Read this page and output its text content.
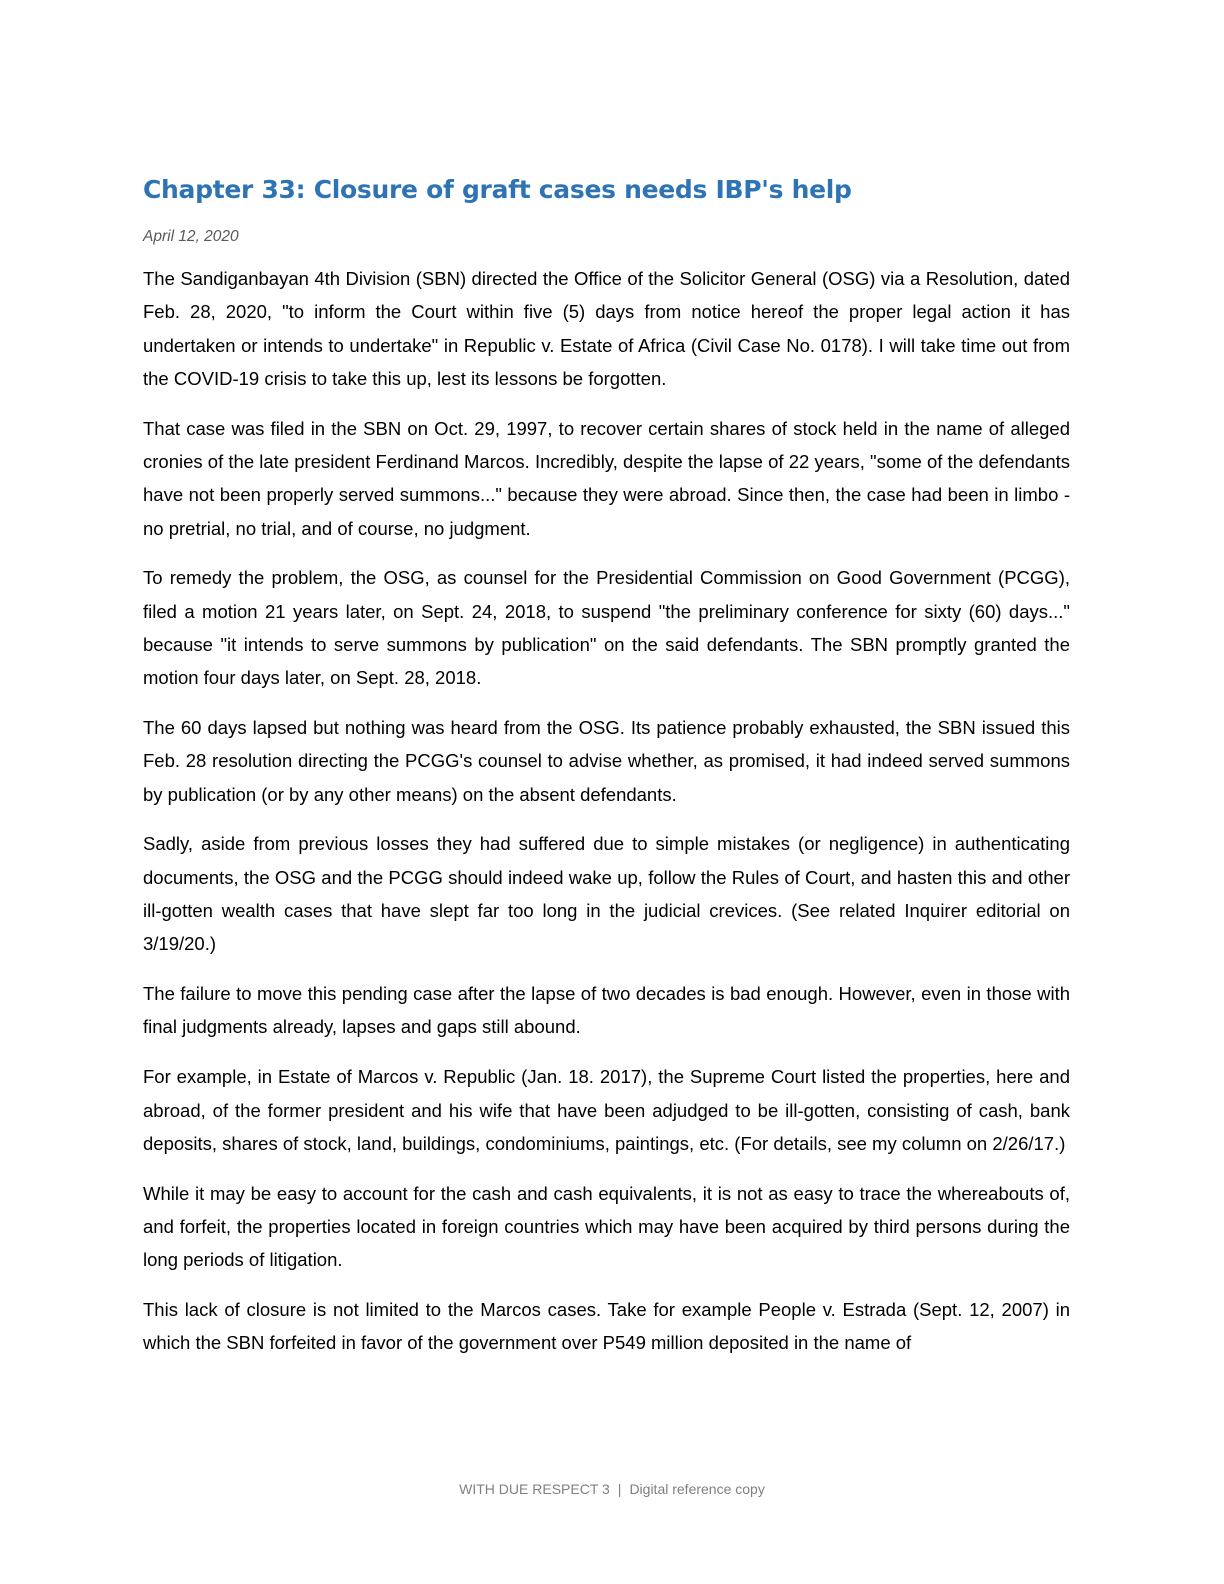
Chapter 33: Closure of graft cases needs IBP's help
April 12, 2020

The Sandiganbayan 4th Division (SBN) directed the Office of the Solicitor General (OSG) via a Resolution, dated Feb. 28, 2020, "to inform the Court within five (5) days from notice hereof the proper legal action it has undertaken or intends to undertake" in Republic v. Estate of Africa (Civil Case No. 0178). I will take time out from the COVID-19 crisis to take this up, lest its lessons be forgotten.

That case was filed in the SBN on Oct. 29, 1997, to recover certain shares of stock held in the name of alleged cronies of the late president Ferdinand Marcos. Incredibly, despite the lapse of 22 years, "some of the defendants have not been properly served summons..." because they were abroad. Since then, the case had been in limbo - no pretrial, no trial, and of course, no judgment.

To remedy the problem, the OSG, as counsel for the Presidential Commission on Good Government (PCGG), filed a motion 21 years later, on Sept. 24, 2018, to suspend "the preliminary conference for sixty (60) days..." because "it intends to serve summons by publication" on the said defendants. The SBN promptly granted the motion four days later, on Sept. 28, 2018.

The 60 days lapsed but nothing was heard from the OSG. Its patience probably exhausted, the SBN issued this Feb. 28 resolution directing the PCGG's counsel to advise whether, as promised, it had indeed served summons by publication (or by any other means) on the absent defendants.

Sadly, aside from previous losses they had suffered due to simple mistakes (or negligence) in authenticating documents, the OSG and the PCGG should indeed wake up, follow the Rules of Court, and hasten this and other ill-gotten wealth cases that have slept far too long in the judicial crevices. (See related Inquirer editorial on 3/19/20.)

The failure to move this pending case after the lapse of two decades is bad enough. However, even in those with final judgments already, lapses and gaps still abound.

For example, in Estate of Marcos v. Republic (Jan. 18. 2017), the Supreme Court listed the properties, here and abroad, of the former president and his wife that have been adjudged to be ill-gotten, consisting of cash, bank deposits, shares of stock, land, buildings, condominiums, paintings, etc. (For details, see my column on 2/26/17.)

While it may be easy to account for the cash and cash equivalents, it is not as easy to trace the whereabouts of, and forfeit, the properties located in foreign countries which may have been acquired by third persons during the long periods of litigation.

This lack of closure is not limited to the Marcos cases. Take for example People v. Estrada (Sept. 12, 2007) in which the SBN forfeited in favor of the government over P549 million deposited in the name of

WITH DUE RESPECT 3 | Digital reference copy
